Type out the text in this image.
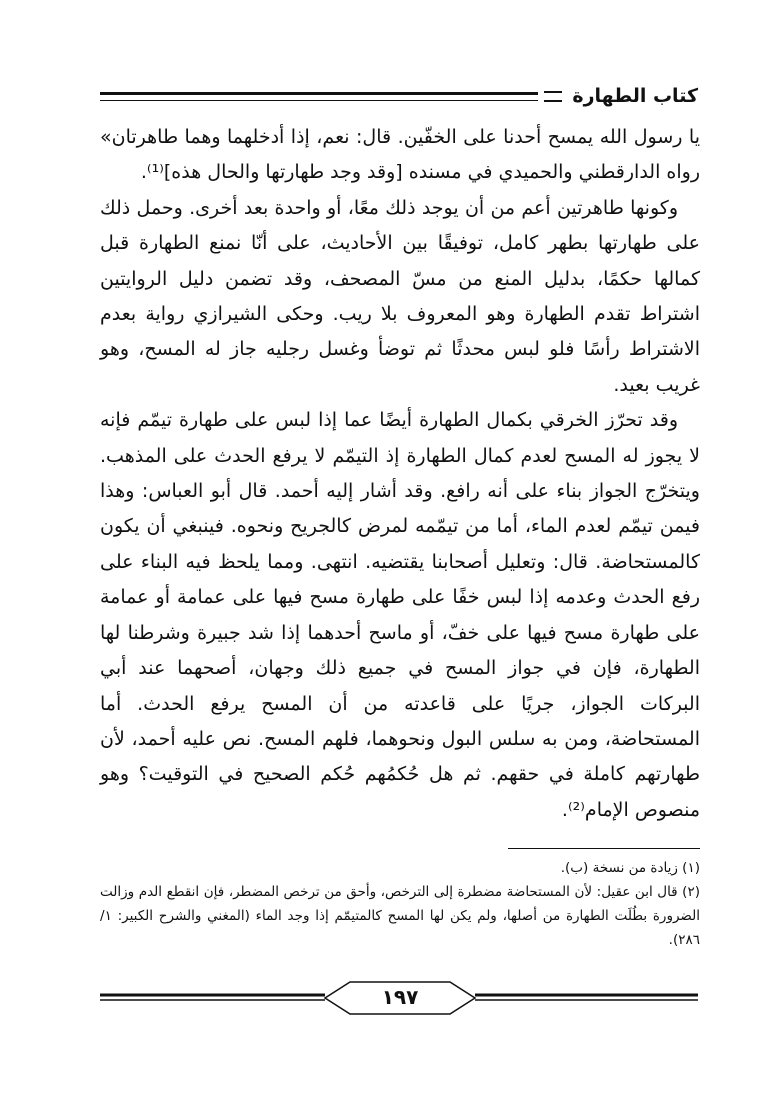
كتاب الطهارة

يا رسول الله يمسح أحدنا على الخفّين. قال: نعم، إذا أدخلهما وهما طاهرتان» رواه الدارقطني والحميدي في مسنده [وقد وجد طهارتها والحال هذه]⁽¹⁾.

وكونها طاهرتين أعم من أن يوجد ذلك معًا، أو واحدة بعد أخرى. وحمل ذلك على طهارتها بطهر كامل، توفيقًا بين الأحاديث، على أنّا نمنع الطهارة قبل كمالها حكمًا، بدليل المنع من مسّ المصحف، وقد تضمن دليل الروايتين اشتراط تقدم الطهارة وهو المعروف بلا ريب. وحكى الشيرازي رواية بعدم الاشتراط رأسًا فلو لبس محدثًا ثم توضأ وغسل رجليه جاز له المسح، وهو غريب بعيد.

وقد تحرّز الخرقي بكمال الطهارة أيضًا عما إذا لبس على طهارة تيمّم فإنه لا يجوز له المسح لعدم كمال الطهارة إذ التيمّم لا يرفع الحدث على المذهب. ويتخرّج الجواز بناء على أنه رافع. وقد أشار إليه أحمد. قال أبو العباس: وهذا فيمن تيمّم لعدم الماء، أما من تيمّمه لمرض كالجريح ونحوه. فينبغي أن يكون كالمستحاضة. قال: وتعليل أصحابنا يقتضيه. انتهى. ومما يلحظ فيه البناء على رفع الحدث وعدمه إذا لبس خفًا على طهارة مسح فيها على عمامة أو عمامة على طهارة مسح فيها على خفّ، أو ماسح أحدهما إذا شد جبيرة وشرطنا لها الطهارة، فإن في جواز المسح في جميع ذلك وجهان، أصحهما عند أبي البركات الجواز، جريًا على قاعدته من أن المسح يرفع الحدث. أما المستحاضة، ومن به سلس البول ونحوهما، فلهم المسح. نص عليه أحمد، لأن طهارتهم كاملة في حقهم. ثم هل حُكمُهم حُكم الصحيح في التوقيت؟ وهو منصوص الإمام⁽²⁾.

(١) زيادة من نسخة (ب).

(٢) قال ابن عقيل: لأن المستحاضة مضطرة إلى الترخص، وأحق من ترخص المضطر، فإن انقطع الدم وزالت الضرورة بطُلَت الطهارة من أصلها، ولم يكن لها المسح كالمتيمّم إذا وجد الماء (المغني والشرح الكبير: ١/ ٢٨٦).

١٩٧
